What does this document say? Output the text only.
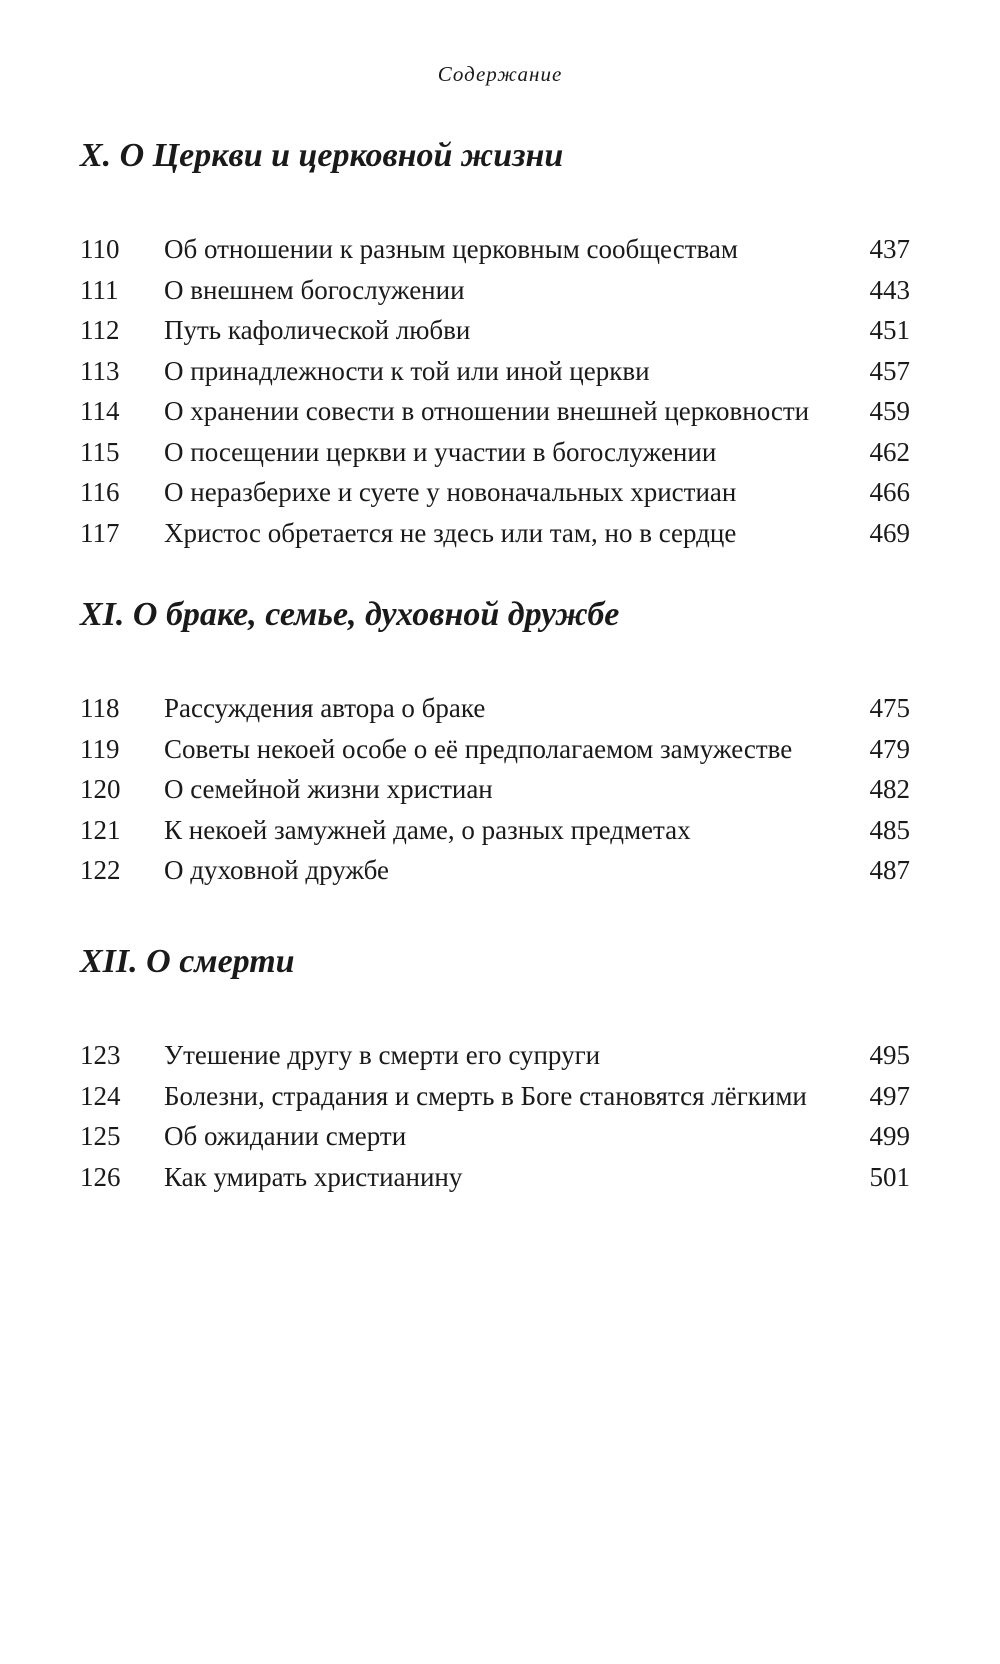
Содержание
X. О Церкви и церковной жизни
110	Об отношении к разным церковным сообществам	437
111	О внешнем богослужении	443
112	Путь кафолической любви	451
113	О принадлежности к той или иной церкви	457
114	О хранении совести в отношении внешней церковности	459
115	О посещении церкви и участии в богослужении	462
116	О неразберихе и суете у новоначальных христиан	466
117	Христос обретается не здесь или там, но в сердце	469
XI. О браке, семье, духовной дружбе
118	Рассуждения автора о браке	475
119	Советы некоей особе о её предполагаемом замужестве	479
120	О семейной жизни христиан	482
121	К некоей замужней даме, о разных предметах	485
122	О духовной дружбе	487
XII. О смерти
123	Утешение другу в смерти его супруги	495
124	Болезни, страдания и смерть в Боге становятся лёгкими	497
125	Об ожидании смерти	499
126	Как умирать христианину	501
